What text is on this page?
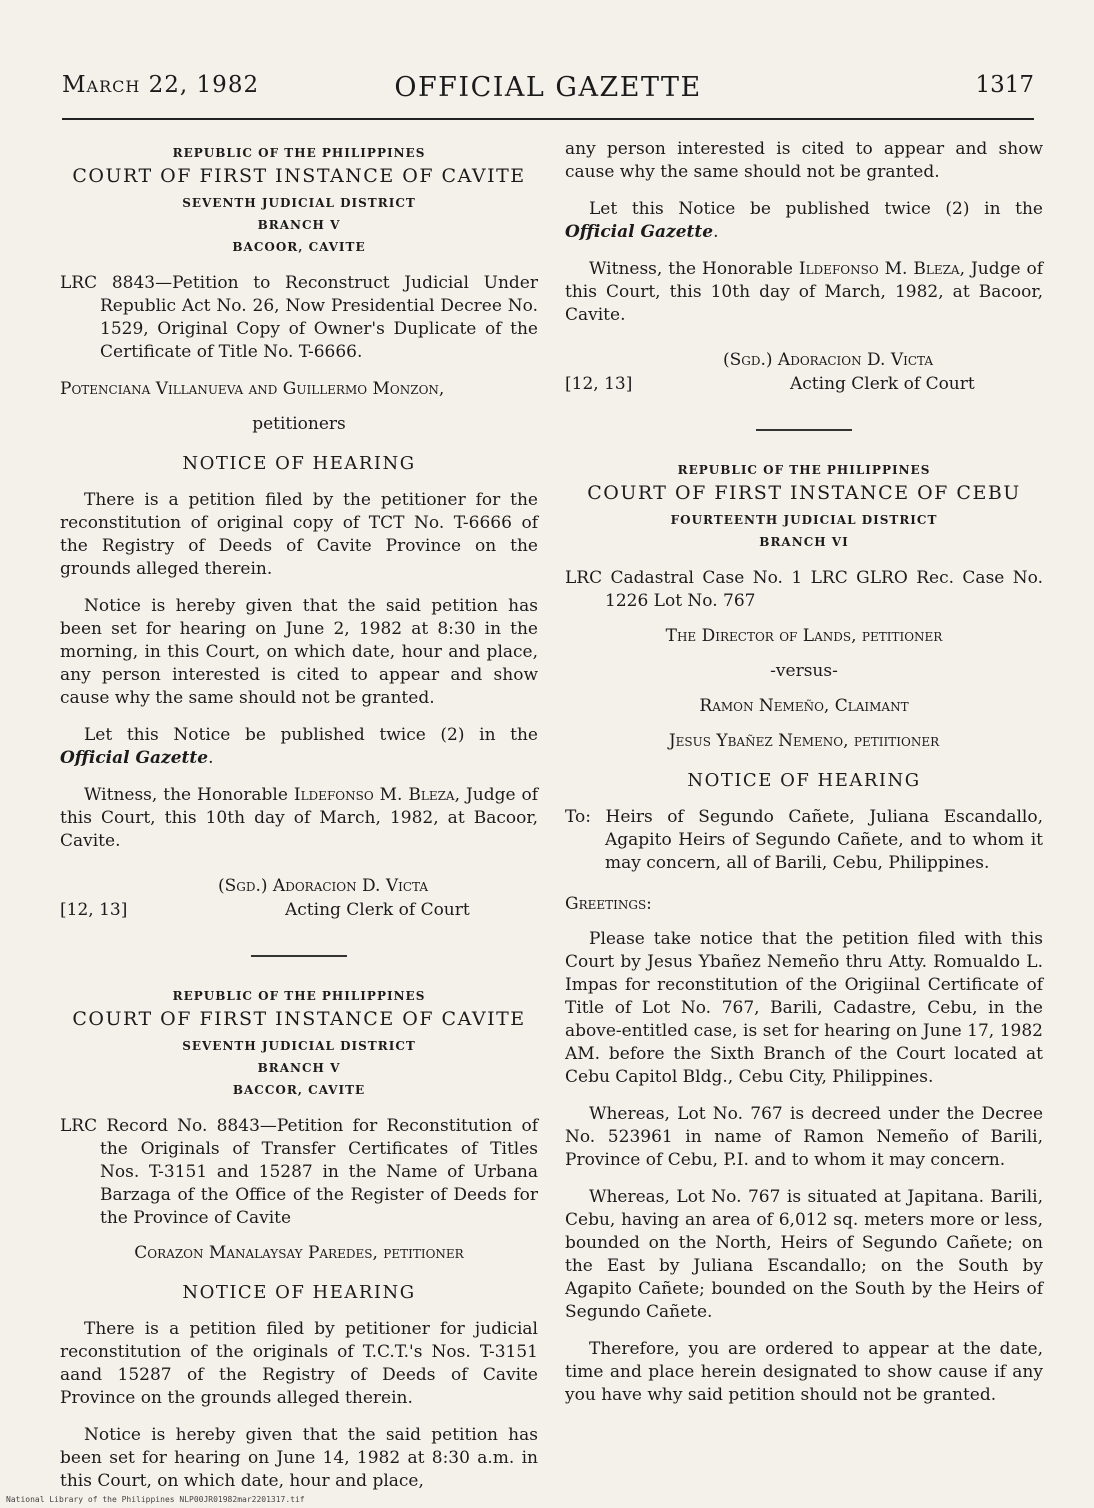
March 22, 1982	OFFICIAL GAZETTE	1317
REPUBLIC OF THE PHILIPPINES
COURT OF FIRST INSTANCE OF CAVITE
SEVENTH JUDICIAL DISTRICT
BRANCH V
BACOOR, CAVITE
LRC 8843—Petition to Reconstruct Judicial Under Republic Act No. 26, Now Presidential Decree No. 1529, Original Copy of Owner's Duplicate of the Certificate of Title No. T-6666.
Potenciana Villanueva and Guillermo Monzon,
petitioners
NOTICE OF HEARING

There is a petition filed by the petitioner for the reconstitution of original copy of TCT No. T-6666 of the Registry of Deeds of Cavite Province on the grounds alleged therein.

Notice is hereby given that the said petition has been set for hearing on June 2, 1982 at 8:30 in the morning, in this Court, on which date, hour and place, any person interested is cited to appear and show cause why the same should not be granted.

Let this Notice be published twice (2) in the Official Gazette.

Witness, the Honorable Ildefonso M. Bleza, Judge of this Court, this 10th day of March, 1982, at Bacoor, Cavite.

(Sgd.) Adoracion D. Victa
[12, 13]	Acting Clerk of Court
REPUBLIC OF THE PHILIPPINES
COURT OF FIRST INSTANCE OF CAVITE
SEVENTH JUDICIAL DISTRICT
BRANCH V
BACCOR, CAVITE
LRC Record No. 8843—Petition for Reconstitution of the Originals of Transfer Certificates of Titles Nos. T-3151 and 15287 in the Name of Urbana Barzaga of the Office of the Register of Deeds for the Province of Cavite
Corazon Manalaysay Paredes, petitioner
NOTICE OF HEARING

There is a petition filed by petitioner for judicial reconstitution of the originals of T.C.T.'s Nos. T-3151 aand 15287 of the Registry of Deeds of Cavite Province on the grounds alleged therein.

Notice is hereby given that the said petition has been set for hearing on June 14, 1982 at 8:30 a.m. in this Court, on which date, hour and place,

any person interested is cited to appear and show cause why the same should not be granted.

Let this Notice be published twice (2) in the Official Gazette.

Witness, the Honorable Ildefonso M. Bleza, Judge of this Court, this 10th day of March, 1982, at Bacoor, Cavite.

(Sgd.) Adoracion D. Victa
[12, 13]	Acting Clerk of Court
REPUBLIC OF THE PHILIPPINES
COURT OF FIRST INSTANCE OF CEBU
FOURTEENTH JUDICIAL DISTRICT
BRANCH VI
LRC Cadastral Case No. 1 LRC GLRO Rec. Case No. 1226 Lot No. 767
The Director of Lands, petitioner
-versus-
Ramon Nemeño, Claimant
Jesus Ybañez Nemeno, petiitioner
NOTICE OF HEARING
To: Heirs of Segundo Cañete, Juliana Escandallo, Agapito Heirs of Segundo Cañete, and to whom it may concern, all of Barili, Cebu, Philippines.
Greetings:

Please take notice that the petition filed with this Court by Jesus Ybañez Nemeño thru Atty. Romualdo L. Impas for reconstitution of the Origiinal Certificate of Title of Lot No. 767, Barili, Cadastre, Cebu, in the above-entitled case, is set for hearing on June 17, 1982 AM. before the Sixth Branch of the Court located at Cebu Capitol Bldg., Cebu City, Philippines.

Whereas, Lot No. 767 is decreed under the Decree No. 523961 in name of Ramon Nemeño of Barili, Province of Cebu, P.I. and to whom it may concern.

Whereas, Lot No. 767 is situated at Japitana. Barili, Cebu, having an area of 6,012 sq. meters more or less, bounded on the North, Heirs of Segundo Cañete; on the East by Juliana Escandallo; on the South by Agapito Cañete; bounded on the South by the Heirs of Segundo Cañete.

Therefore, you are ordered to appear at the date, time and place herein designated to show cause if any you have why said petition should not be granted.

National Library of the Philippines NLP00JR01982mar2201317.tif
